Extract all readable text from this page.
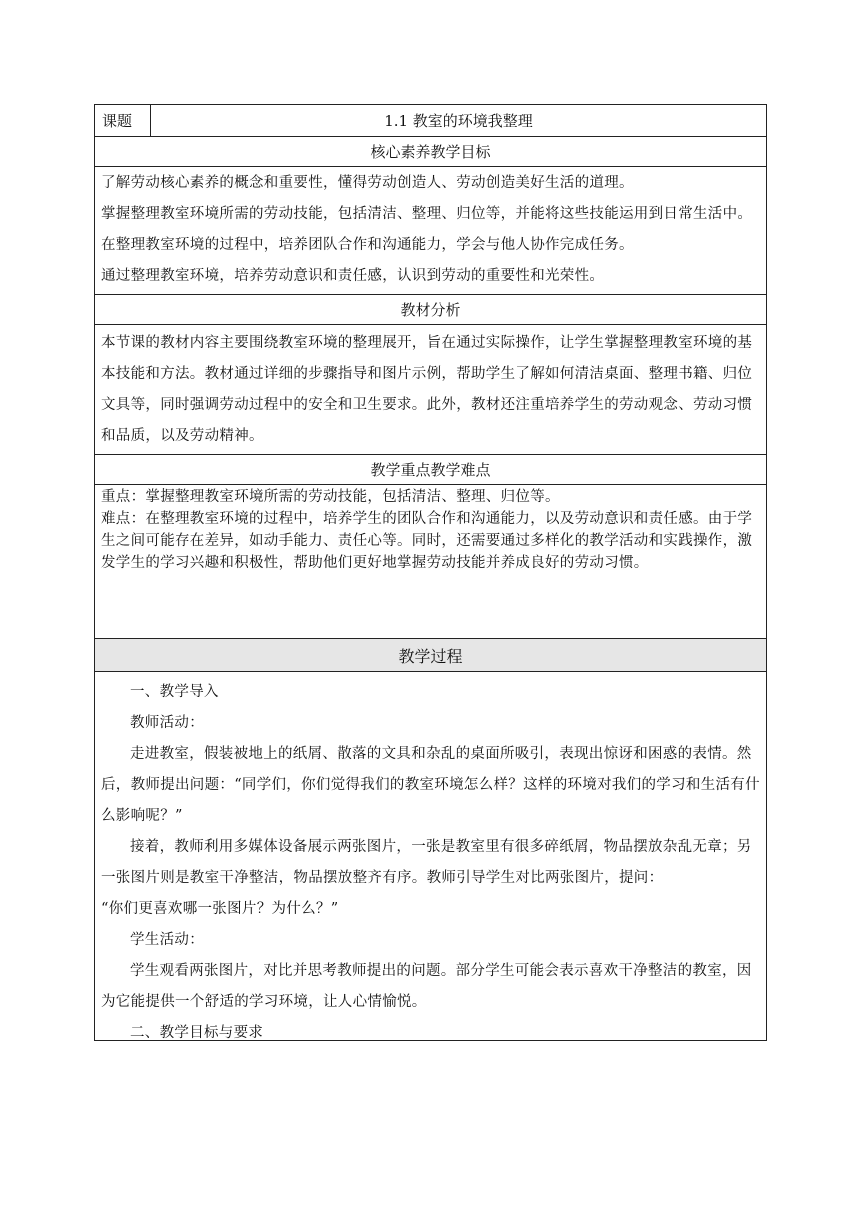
课题	1.1 教室的环境我整理
核心素养教学目标

了解劳动核心素养的概念和重要性，懂得劳动创造人、劳动创造美好生活的道理。

掌握整理教室环境所需的劳动技能，包括清洁、整理、归位等，并能将这些技能运用到日常生活中。

在整理教室环境的过程中，培养团队合作和沟通能力，学会与他人协作完成任务。

通过整理教室环境，培养劳动意识和责任感，认识到劳动的重要性和光荣性。

教材分析

本节课的教材内容主要围绕教室环境的整理展开，旨在通过实际操作，让学生掌握整理教室环境的基本技能和方法。教材通过详细的步骤指导和图片示例，帮助学生了解如何清洁桌面、整理书籍、归位文具等，同时强调劳动过程中的安全和卫生要求。此外，教材还注重培养学生的劳动观念、劳动习惯和品质，以及劳动精神。

教学重点教学难点

重点：掌握整理教室环境所需的劳动技能，包括清洁、整理、归位等。

难点：在整理教室环境的过程中，培养学生的团队合作和沟通能力，以及劳动意识和责任感。由于学生之间可能存在差异，如动手能力、责任心等。同时，还需要通过多样化的教学活动和实践操作，激发学生的学习兴趣和积极性，帮助他们更好地掌握劳动技能并养成良好的劳动习惯。

教学过程

一、教学导入

教师活动：

走进教室，假装被地上的纸屑、散落的文具和杂乱的桌面所吸引，表现出惊讶和困惑的表情。然后，教师提出问题：“同学们，你们觉得我们的教室环境怎么样？这样的环境对我们的学习和生活有什么影响呢？”

接着，教师利用多媒体设备展示两张图片，一张是教室里有很多碎纸屑，物品摆放杂乱无章；另一张图片则是教室干净整洁，物品摆放整齐有序。教师引导学生对比两张图片，提问：

“你们更喜欢哪一张图片？为什么？”

学生活动：

学生观看两张图片，对比并思考教师提出的问题。部分学生可能会表示喜欢干净整洁的教室，因为它能提供一个舒适的学习环境，让人心情愉悦。

二、教学目标与要求
